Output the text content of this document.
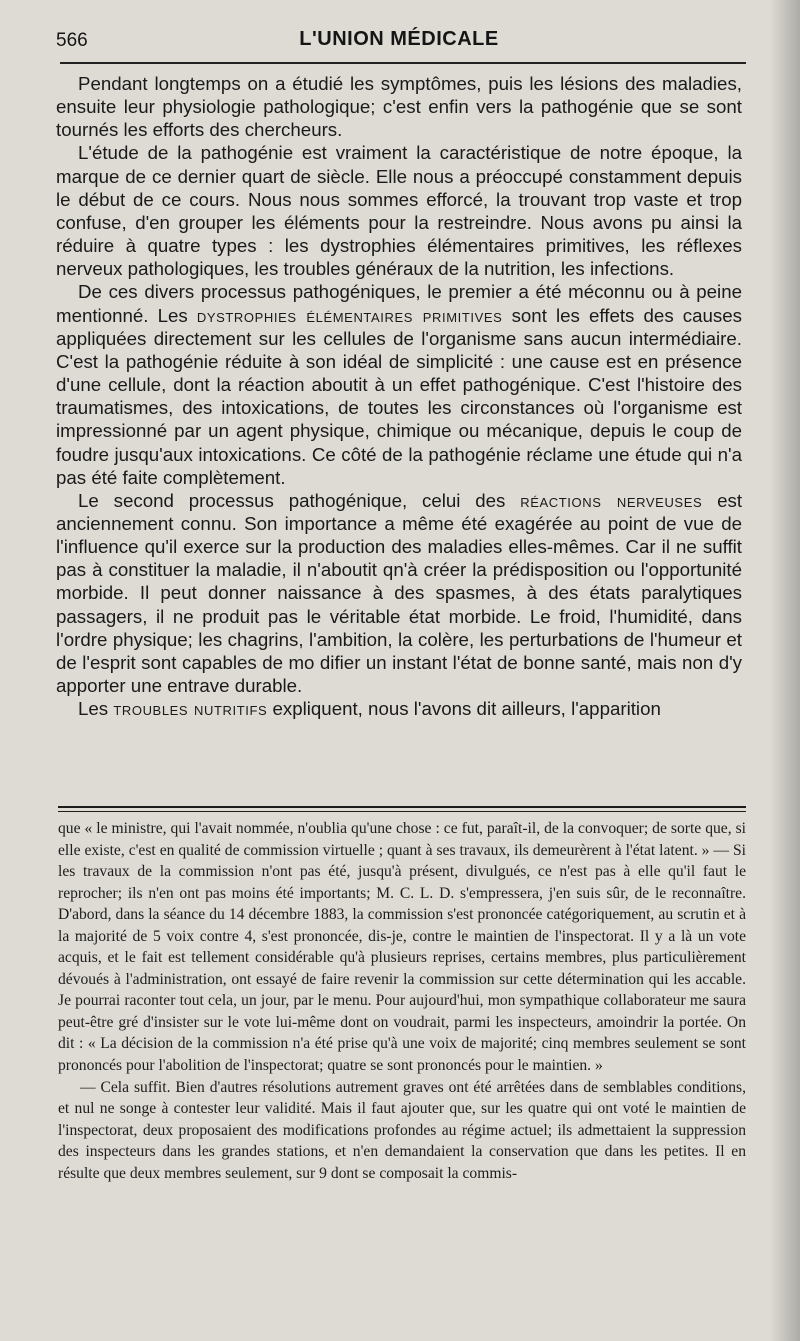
566	L'UNION MÉDICALE

Pendant longtemps on a étudié les symptômes, puis les lésions des maladies, ensuite leur physiologie pathologique; c'est enfin vers la pathogénie que se sont tournés les efforts des chercheurs.

L'étude de la pathogénie est vraiment la caractéristique de notre époque, la marque de ce dernier quart de siècle. Elle nous a préoccupé constamment depuis le début de ce cours. Nous nous sommes efforcé, la trouvant trop vaste et trop confuse, d'en grouper les éléments pour la restreindre. Nous avons pu ainsi la réduire à quatre types : les dystrophies élémentaires primitives, les réflexes nerveux pathologiques, les troubles généraux de la nutrition, les infections.

De ces divers processus pathogéniques, le premier a été méconnu ou à peine mentionné. Les dystrophies élémentaires primitives sont les effets des causes appliquées directement sur les cellules de l'organisme sans aucun intermédiaire. C'est la pathogénie réduite à son idéal de simplicité : une cause est en présence d'une cellule, dont la réaction aboutit à un effet pathogénique. C'est l'histoire des traumatismes, des intoxications, de toutes les circonstances où l'organisme est impressionné par un agent physique, chimique ou mécanique, depuis le coup de foudre jusqu'aux intoxications. Ce côté de la pathogénie réclame une étude qui n'a pas été faite complètement.

Le second processus pathogénique, celui des réactions nerveuses est anciennement connu. Son importance a même été exagérée au point de vue de l'influence qu'il exerce sur la production des maladies elles-mêmes. Car il ne suffit pas à constituer la maladie, il n'aboutit qn'à créer la prédisposition ou l'opportunité morbide. Il peut donner naissance à des spasmes, à des états paralytiques passagers, il ne produit pas le véritable état morbide. Le froid, l'humidité, dans l'ordre physique; les chagrins, l'ambition, la colère, les perturbations de l'humeur et de l'esprit sont capables de mo difier un instant l'état de bonne santé, mais non d'y apporter une entrave durable.

Les troubles nutritifs expliquent, nous l'avons dit ailleurs, l'apparition

que « le ministre, qui l'avait nommée, n'oublia qu'une chose : ce fut, paraît-il, de la convoquer; de sorte que, si elle existe, c'est en qualité de commission virtuelle ; quant à ses travaux, ils demeurèrent à l'état latent. » — Si les travaux de la commission n'ont pas été, jusqu'à présent, divulgués, ce n'est pas à elle qu'il faut le reprocher; ils n'en ont pas moins été importants; M. C. L. D. s'empressera, j'en suis sûr, de le reconnaître. D'abord, dans la séance du 14 décembre 1883, la commission s'est prononcée catégoriquement, au scrutin et à la majorité de 5 voix contre 4, s'est prononcée, dis-je, contre le maintien de l'inspectorat. Il y a là un vote acquis, et le fait est tellement considérable qu'à plusieurs reprises, certains membres, plus particulièrement dévoués à l'administration, ont essayé de faire revenir la commission sur cette détermination qui les accable. Je pourrai raconter tout cela, un jour, par le menu. Pour aujourd'hui, mon sympathique collaborateur me saura peut-être gré d'insister sur le vote lui-même dont on voudrait, parmi les inspecteurs, amoindrir la portée. On dit : « La décision de la commission n'a été prise qu'à une voix de majorité; cinq membres seulement se sont prononcés pour l'abolition de l'inspectorat; quatre se sont prononcés pour le maintien. »

— Cela suffit. Bien d'autres résolutions autrement graves ont été arrêtées dans de semblables conditions, et nul ne songe à contester leur validité. Mais il faut ajouter que, sur les quatre qui ont voté le maintien de l'inspectorat, deux proposaient des modifications profondes au régime actuel; ils admettaient la suppression des inspecteurs dans les grandes stations, et n'en demandaient la conservation que dans les petites. Il en résulte que deux membres seulement, sur 9 dont se composait la commis-
